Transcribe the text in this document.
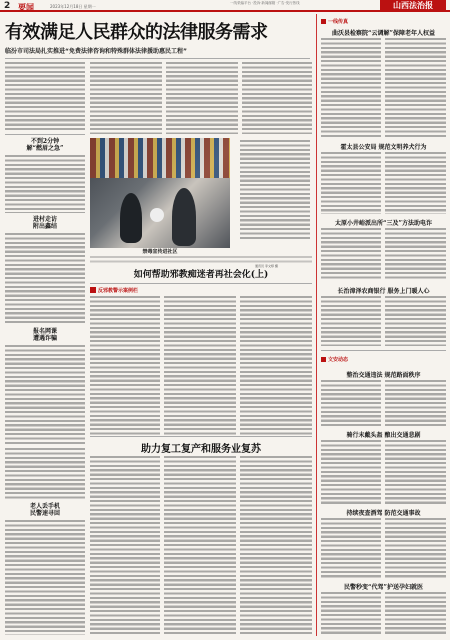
2 要闻	2023年12月18日 星期一
一线采编平台 ·投诉·新闻邮箱 ·广告·发行热线	山西法治报
有效满足人民群众的法律服务需求
临汾市司法局扎实推进“免费法律咨询和特殊群体法律援助惠民工程”
不到2分钟
解“燃眉之急”
进村走访
附出鑫结
报名网课
遭遇诈骗
老人丢手机
民警速寻回
禁毒宣传进社区
通讯员 李文婷 摄
如何帮助邪教痴迷者再社会化(上)
反邪教警示案例栏
助力复工复产和服务业复苏
一线传真
曲沃县检察院“云调解”保障老年人权益
霍太县公安局 规范文明养犬行为
太原小井峪派出所“三及”方法助电诈
长治漳泽农商银行 服务上门暖人心
文安动态
整治交通违法 规范路面秩序
骑行未戴头盔 酿出交通悲剧
持续夜查酒驾 防范交通事故
民警秒变“代驾”护送孕妇就医
